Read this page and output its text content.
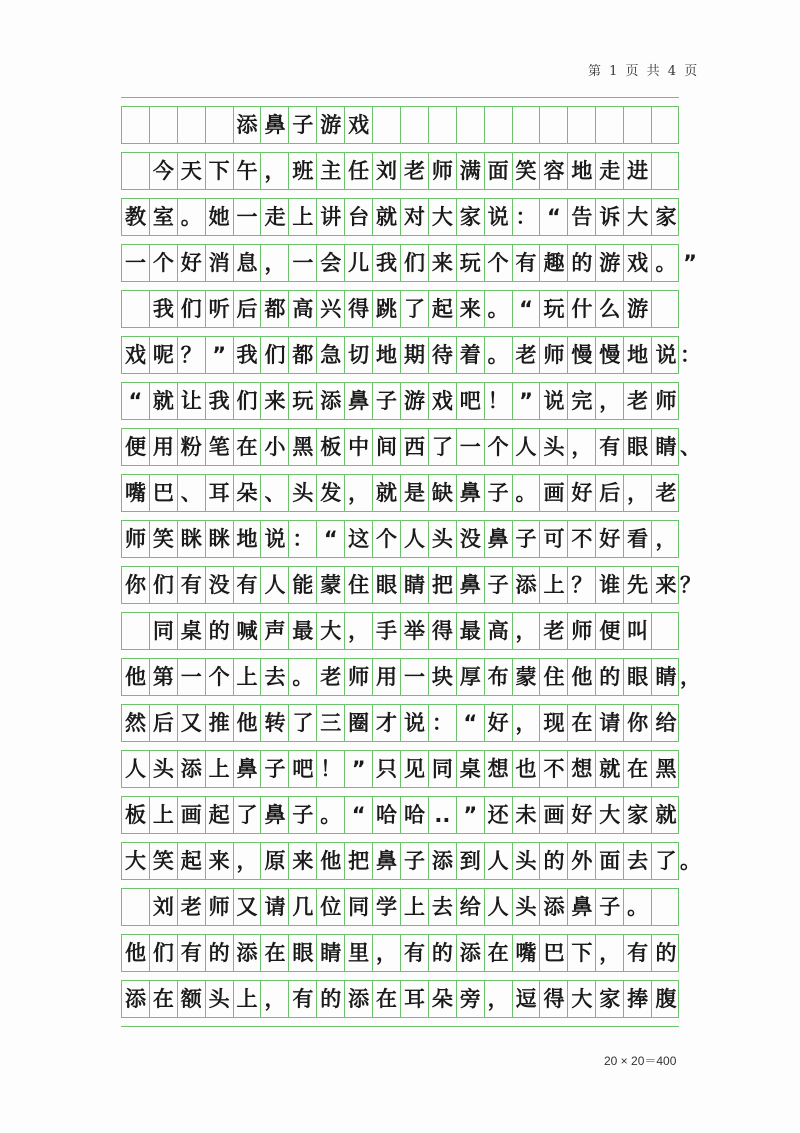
第 1 页 共 4 页
添 鼻 子 游 戏
今 天 下 午 ， 班 主 任 刘 老 师 满 面 笑 容 地 走 进
教 室 。 她 一 走 上 讲 台 就 对 大 家 说 ： “ 告 诉 大 家
一 个 好 消 息 ， 一 会 儿 我 们 来 玩 个 有 趣 的 游 戏 。 ”
我 们 听 后 都 高 兴 得 跳 了 起 来 。 “ 玩 什 么 游
戏 呢 ？ ” 我 们 都 急 切 地 期 待 着 。 老 师 慢 慢 地 说 ：
“ 就 让 我 们 来 玩 添 鼻 子 游 戏 吧 ！ ” 说 完 ， 老 师
便 用 粉 笔 在 小 黑 板 中 间 西 了 一 个 人 头 ， 有 眼 睛 、
嘴 巴 、 耳 朵 、 头 发 ， 就 是 缺 鼻 子 。 画 好 后 ， 老
师 笑 眯 眯 地 说 ： “ 这 个 人 头 没 鼻 子 可 不 好 看 ，
你 们 有 没 有 人 能 蒙 住 眼 睛 把 鼻 子 添 上 ？ 谁 先 来 ？
同 桌 的 喊 声 最 大 ， 手 举 得 最 高 ， 老 师 便 叫
他 第 一 个 上 去 。 老 师 用 一 块 厚 布 蒙 住 他 的 眼 睛 ，
然 后 又 推 他 转 了 三 圈 才 说 ： “ 好 ， 现 在 请 你 给
人 头 添 上 鼻 子 吧 ！ ” 只 见 同 桌 想 也 不 想 就 在 黑
板 上 画 起 了 鼻 子 。 “ 哈 哈 .. ” 还 未 画 好 大 家 就
大 笑 起 来 ， 原 来 他 把 鼻 子 添 到 人 头 的 外 面 去 了 。
刘 老 师 又 请 几 位 同 学 上 去 给 人 头 添 鼻 子 。
他 们 有 的 添 在 眼 睛 里 ， 有 的 添 在 嘴 巴 下 ， 有 的
添 在 额 头 上 ， 有 的 添 在 耳 朵 旁 ， 逗 得 大 家 捧 腹
20 × 20＝400
